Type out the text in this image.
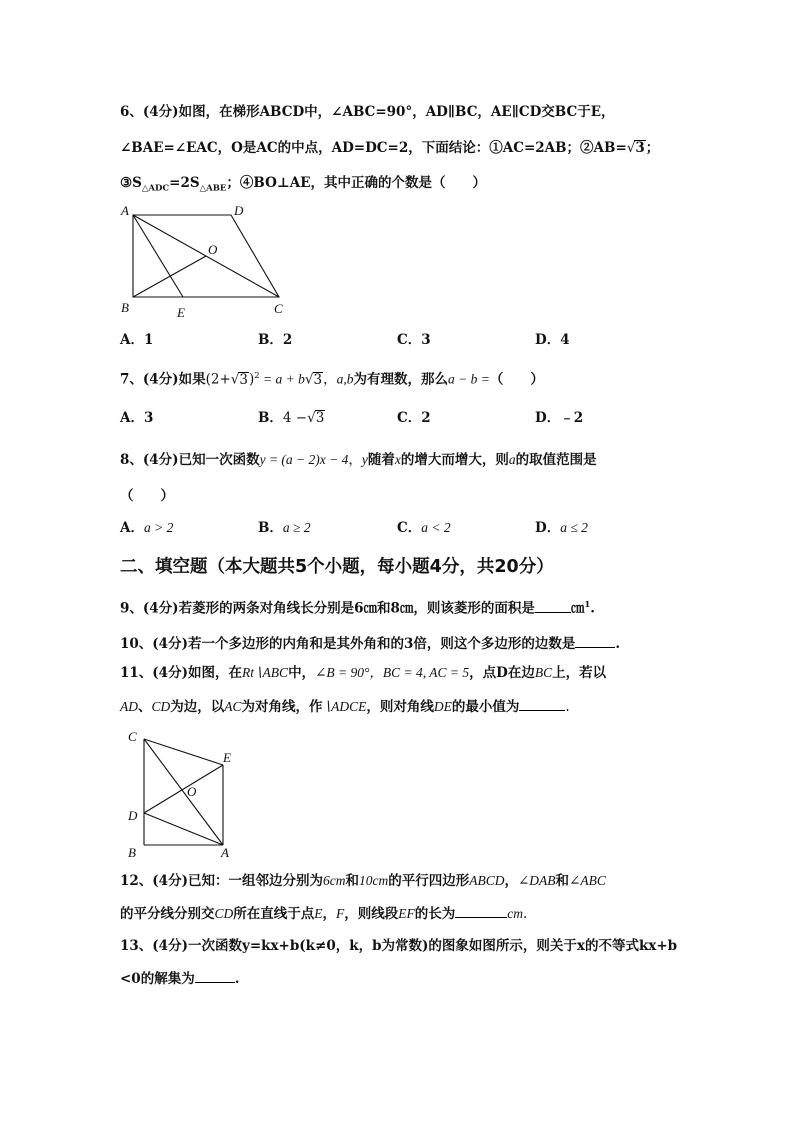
6、(4分)如图，在梯形ABCD中，∠ABC=90°，AD∥BC，AE∥CD交BC于E，
∠BAE=∠EAC，O是AC的中点，AD=DC=2，下面结论：①AC=2AB；②AB=√3；
$③S_{\triangle ADC}=2S_{\triangle ABE}$；④BO⊥AE，其中正确的个数是（　　）
A	D
O
B	E	C
A．1	B．2	C．3	D．4
7、(4分)如果$(2+√3)^2 = a + b√3$，a,b为有理数，那么a − b =（　　）
A．3	B．4 −√3	C．2	D．﹣2
8、(4分)已知一次函数y = (a − 2)x − 4，y随着x的增大而增大，则a的取值范围是
（　　）
A．a > 2	B．a ≥ 2	C．a < 2	D．a ≤ 2
二、填空题（本大题共5个小题，每小题4分，共20分）
9、(4分)若菱形的两条对角线长分别是6㎝和8㎝，则该菱形的面积是	㎝$^1$.
10、(4分)若一个多边形的内角和是其外角和的3倍，则这个多边形的边数是	.
11、(4分)如图，在Rt∖ABC中，∠B = 90°，BC = 4, AC = 5，点D在边BC上，若以
AD、CD为边，以AC为对角线，作∖ADCE，则对角线DE的最小值为	.
C
E
O
D
B	A
12、(4分)已知：一组邻边分别为6cm和10cm的平行四边形ABCD，∠DAB和∠ABC
的平分线分别交CD所在直线于点E，F，则线段EF的长为	cm.
13、(4分)一次函数y=kx+b(k≠0，k，b为常数)的图象如图所示，则关于x的不等式kx+b
<0的解集为	.
